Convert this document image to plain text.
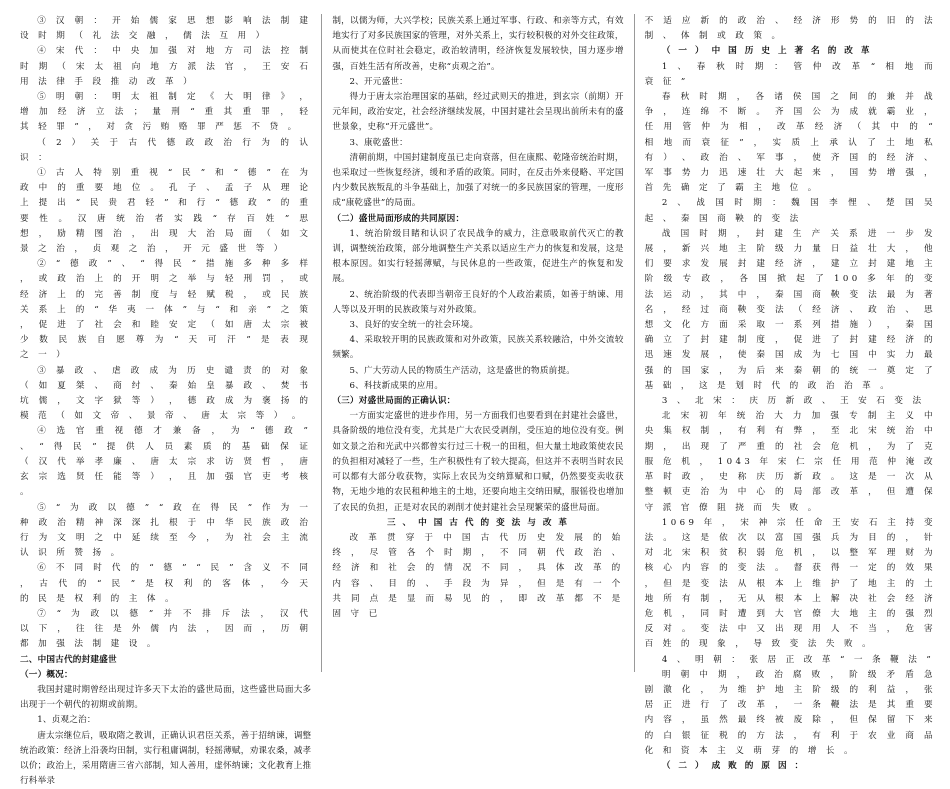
③ 汉 朝 ： 开 始 儒 家 思 想 影 响 法 制 建 设 时 期 （ 礼 法 交 融 ， 儒 法 互 用 ）

④ 宋 代 ： 中 央 加 强 对 地 方 司 法 控 制 时 期 （ 宋 太 祖 向 地 方 派 法 官 ， 王 安 石 用 法 律 手 段 推 动 改 革 ）

⑤ 明 朝 ： 明 太 祖 制 定 《 大 明 律 》 ， 增 加 经 济 立 法 ； 量 刑 “ 重 其 重 罪 ， 轻 其 轻 罪 ” ， 对 贪 污 贿 赂 罪 严 惩 不 贷 。

（ 2 ） 关 于 古 代 德 政 政 治 行 为 的 认 识 ：

① 古 人 特 别 重 视 “ 民 ” 和 “ 德 ” 在 为 政 中 的 重 要 地 位 。 孔 子 、 孟 子 从 理 论 上 提 出 “ 民 贵 君 轻 ” 和 行 “ 德 政 ” 的 重 要 性 。 汉 唐 统 治 者 实 践 “ 存 百 姓 ” 思 想 ， 励 精 图 治 ， 出 现 大 治 局 面 （ 如 文 景 之 治 ， 贞 观 之 治 ， 开 元 盛 世 等 ）

② “ 德 政 ” 、 “ 得 民 ” 措 施 多 种 多 样 ， 或 政 治 上 的 开 明 之 举 与 轻 刑 罚 ， 或 经 济 上 的 完 善 制 度 与 轻 赋 税 ， 或 民 族 关 系 上 的 “ 华 夷 一 体 ” 与 “ 和 亲 ” 之 策 ， 促 进 了 社 会 和 睦 安 定 （ 如 唐 太 宗 被 少 数 民 族 自 愿 尊 为 “ 天 可 汗 ” 是 表 现 之 一 ）

③ 暴 政 、 虐 政 成 为 历 史 谴 责 的 对 象 （ 如 夏 桀 、 商 纣 、 秦 始 皇 暴 政 、 焚 书 坑 儒 ， 文 字 狱 等 ） ， 德 政 成 为 褒 扬 的 模 范 （ 如 文 帝 、 景 帝 、 唐 太 宗 等 ） 。

④ 选 官 重 视 德 才 兼 备 ， 为 “ 德 政 ” 、 “ 得 民 ” 提 供 人 员 素 质 的 基 础 保 证 （ 汉 代 举 孝 廉 、 唐 太 宗 求 访 贤 哲 ， 唐 玄 宗 选 贤 任 能 等 ） ， 且 加 强 官 吏 考 核 。

⑤ “ 为 政 以 德 ” “ 政 在 得 民 ” 作 为 一 种 政 治 精 神 深 深 扎 根 于 中 华 民 族 政 治 行 为 文 明 之 中 延 续 至 今 ， 为 社 会 主 流 认 识 所 赞 扬 。

⑥ 不 同 时 代 的 “ 德 ” “ 民 ” 含 义 不 同 ， 古 代 的 “ 民 ” 是 权 利 的 客 体 ， 今 天 的 民 是 权 利 的 主 体 。

⑦ “ 为 政 以 德 ” 并 不 排 斥 法 ， 汉 代 以 下 ， 往 往 是 外 儒 内 法 ， 因 而 ， 历 朝 都 加 强 法 制 建 设 。

二、中国古代的封建盛世

（一）概况：

我国封建时期曾经出现过许多天下太治的盛世局面，这些盛世局面大多出现于一个朝代的初期或前期。

1、贞观之治：

唐太宗继位后，吸取隋之教训，正确认识君臣关系，善于招纳谏，调整统治政策：经济上沿袭均田制，实行租庸调制，轻摇薄赋，劝课农桑，减孝以价；政治上，采用隋唐三省六部制，知人善用，虚怀纳谏；文化教育上推行科举录

制，以儒为师，大兴学校；民族关系上通过军事、行政、和亲等方式，有效地实行了对多民族国家的管理，对外关系上，实行较积极的对外交往政策，从而使其在位时社会稳定，政治较清明，经济恢复发展较快，国力逐步增强，百姓生活有所改善，史称“贞观之治”。

2、开元盛世：

得力于唐太宗治理国家的基础，经过武则天的推进，到玄宗（前期）开元年间，政治安定，社会经济继续发展，中国封建社会呈现出前所未有的盛世景象，史称“开元盛世”。

3、康乾盛世：

清朝前期，中国封建制度虽已走向衰落，但在康熙、乾隆帝统治时期，也采取过一些恢复经济，缓和矛盾的政策。同时，在反击外来侵略、平定国内少数民族叛乱的斗争基础上，加强了对统一的多民族国家的管理，一度形成“康乾盛世”的局面。

（二）盛世局面形成的共同原因：

1、统治阶级目睹和认识了农民战争的威力，注意吸取前代灭亡的教训，调整统治政策，部分地调整生产关系以适应生产力的恢复和发展，这是根本原因。如实行轻摇薄赋，与民休息的一些政策，促进生产的恢复和发展。

2、统治阶级的代表即当朝帝王良好的个人政治素质，如善于纳谏、用人等以及开明的民族政策与对外政策。

3、良好的安全统一的社会环境。

4、采取较开明的民族政策和对外政策，民族关系较融洽，中外交流较频繁。

5、广大劳动人民的物质生产活动，这是盛世的物质前提。

6、科技新成果的应用。

（三）对盛世局面的正确认识：

一方面实定盛世的进步作用，另一方面我们也要看到在封建社会盛世，具备阶级的地位没有变，尤其是广大农民受剥削，受压迫的地位没有变。例如文景之治和光武中兴都曾实行过三十税一的田租，但大量土地政策使农民的负担相对减轻了一些，生产积极性有了较大提高，但这并不表明当时农民可以都有大部分收获物，实际上农民为交纳算赋和口赋，仍然要变卖收获物，无地少地的农民租种地主的土地，还要向地主交纳田赋，服徭役也增加了农民的负担，正是对农民的剥削才使封建社会呈现繁荣的盛世局面。

三 、 中 国 古 代 的 变 法 与 改 革

改 革 贯 穿 于 中 国 古 代 历 史 发 展 的 始 终 ， 尽 管 各 个 时 期 ， 不 同 朝 代 政 治 、 经 济 和 社 会 的 情 况 不 同 ， 具 体 改 革 的 内 容 、 目 的 、 手 段 为 异 ， 但 是 有 一 个 共 同 点 是 显 而 易 见 的 ， 即 改 革 都 不 是 固 守 已

不 适 应 新 的 政 治 、 经 济 形 势 的 旧 的 法 制 、 体 制 或 政 策 。

（ 一 ） 中 国 历 史 上 著 名 的 改 革

1 、 春 秋 时 期 ： 管 仲 改 革 “ 相 地 而 衰 征 ”

春 秋 时 期 ， 各 诸 侯 国 之 间 的 兼 并 战 争 ， 连 绵 不 断 。 齐 国 公 为 成 就 霸 业 ， 任 用 管 仲 为 相 ， 改 革 经 济 （ 其 中 的 “ 相 地 而 衰 征 ” ， 实 质 上 承 认 了 土 地 私 有 ） 、 政 治 、 军 事 ， 使 齐 国 的 经 济 、 军 事 势 力 迅 速 壮 大 起 来 ， 国 势 增 强 ， 首 先 确 定 了 霸 主 地 位 。

2 、 战 国 时 期 ： 魏 国 李 悝 、 楚 国 吴 起 、 秦 国 商 鞅 的 变 法

战 国 时 期 ， 封 建 生 产 关 系 进 一 步 发 展 ， 新 兴 地 主 阶 级 力 量 日 益 壮 大 ， 他 们 要 求 发 展 封 建 经 济 ， 建 立 封 建 地 主 阶 级 专 政 ， 各 国 掀 起 了 100 多 年 的 变 法 运 动 ， 其 中 ， 秦 国 商 鞅 变 法 最 为 著 名 ， 经 过 商 鞅 变 法 （ 经 济 、 政 治 、 思 想 文 化 方 面 采 取 一 系 列 措 施 ） ， 秦 国 确 立 了 封 建 制 度 ， 促 进 了 封 建 经 济 的 迅 速 发 展 ， 使 秦 国 成 为 七 国 中 实 力 最 强 的 国 家 ， 为 后 来 秦 朝 的 统 一 奠 定 了 基 础 ， 这 是 划 时 代 的 政 治 治 革 。

3 、 北 宋 ： 庆 历 新 政 、 王 安 石 变 法

北 宋 初 年 统 治 大 力 加 强 专 制 主 义 中 央 集 权 制 ， 有 利 有 弊 ， 至 北 宋 统 治 中 期 ， 出 现 了 严 重 的 社 会 危 机 ， 为 了 克 服 危 机 ， 1043 年 宋 仁 宗 任 用 范 仲 淹 改 革 时 政 ， 史 称 庆 历 新 政 。 这 是 一 次 从 整 顿 吏 治 为 中 心 的 局 部 改 革 ， 但 遭 保 守 派 官 僚 阻 挠 而 失 败 。

1069 年 ， 宋 神 宗 任 命 王 安 石 主 持 变 法 。 这 是 依 次 以 富 国 强 兵 为 目 的 ， 针 对 北 宋 积 贫 积 弱 危 机 ， 以 整 军 理 财 为 核 心 内 容 的 变 法 。 督 获 得 一 定 的 效 果 ， 但 是 变 法 从 根 本 上 维 护 了 地 主 的 土 地 所 有 制 ， 无 从 根 本 上 解 决 社 会 经 济 危 机 ， 同 时 遭 到 大 官 僚 大 地 主 的 强 烈 反 对 。 变 法 中 又 出 现 用 人 不 当 ， 危 害 百 姓 的 现 象 ， 导 致 变 法 失 败 。

4 、 明 朝 ： 张 居 正 改 革 “ 一 条 鞭 法 ”

明 朝 中 期 ， 政 治 腐 败 ， 阶 级 矛 盾 急 剧 激 化 ， 为 维 护 地 主 阶 级 的 利 益 ， 张 居 正 进 行 了 改 革 ， 一 条 鞭 法 是 其 重 要 内 容 ， 虽 然 最 终 被 废 除 ， 但 保 留 下 来 的 白 银 征 税 的 方 法 ， 有 利 于 农 业 商 品 化 和 资 本 主 义 萌 芽 的 增 长 。

（ 二 ） 成 败 的 原 因 ：
